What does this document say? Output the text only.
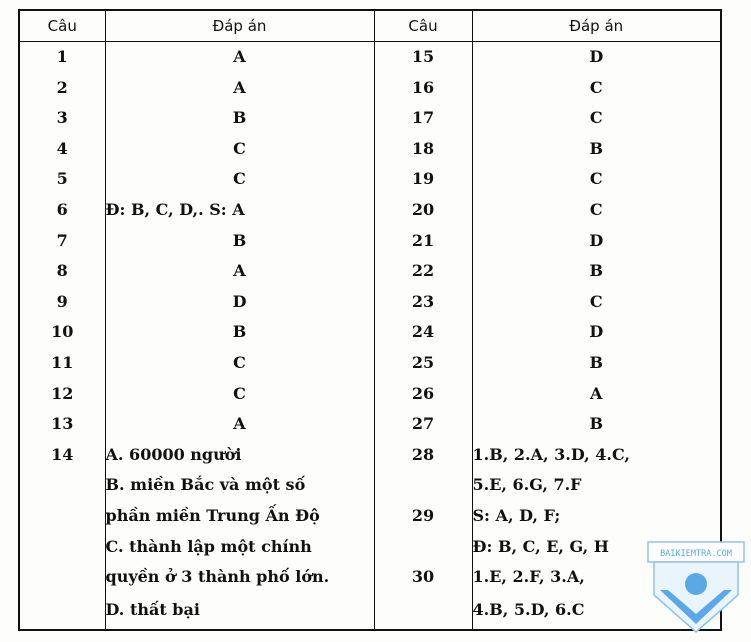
Câu	Đáp án	Câu	Đáp án
1	A	15	D
2	A	16	C
3	B	17	C
4	C	18	B
5	C	19	C
6	Đ: B, C, D,. S: A	20	C
7	B	21	D
8	A	22	B
9	D	23	C
10	B	24	D
11	C	25	B
12	C	26	A
13	A	27	B
14	A. 60000 người	28	1.B, 2.A, 3.D, 4.C,
	B. miền Bắc và một số		5.E, 6.G, 7.F
	phần miền Trung Ấn Độ	29	S: A, D, F;
	C. thành lập một chính		Đ: B, C, E, G, H
	quyền ở 3 thành phố lớn.	30	1.E, 2.F, 3.A,
	D. thất bại		4.B, 5.D, 6.C
BAIKIEMTRA.COM
